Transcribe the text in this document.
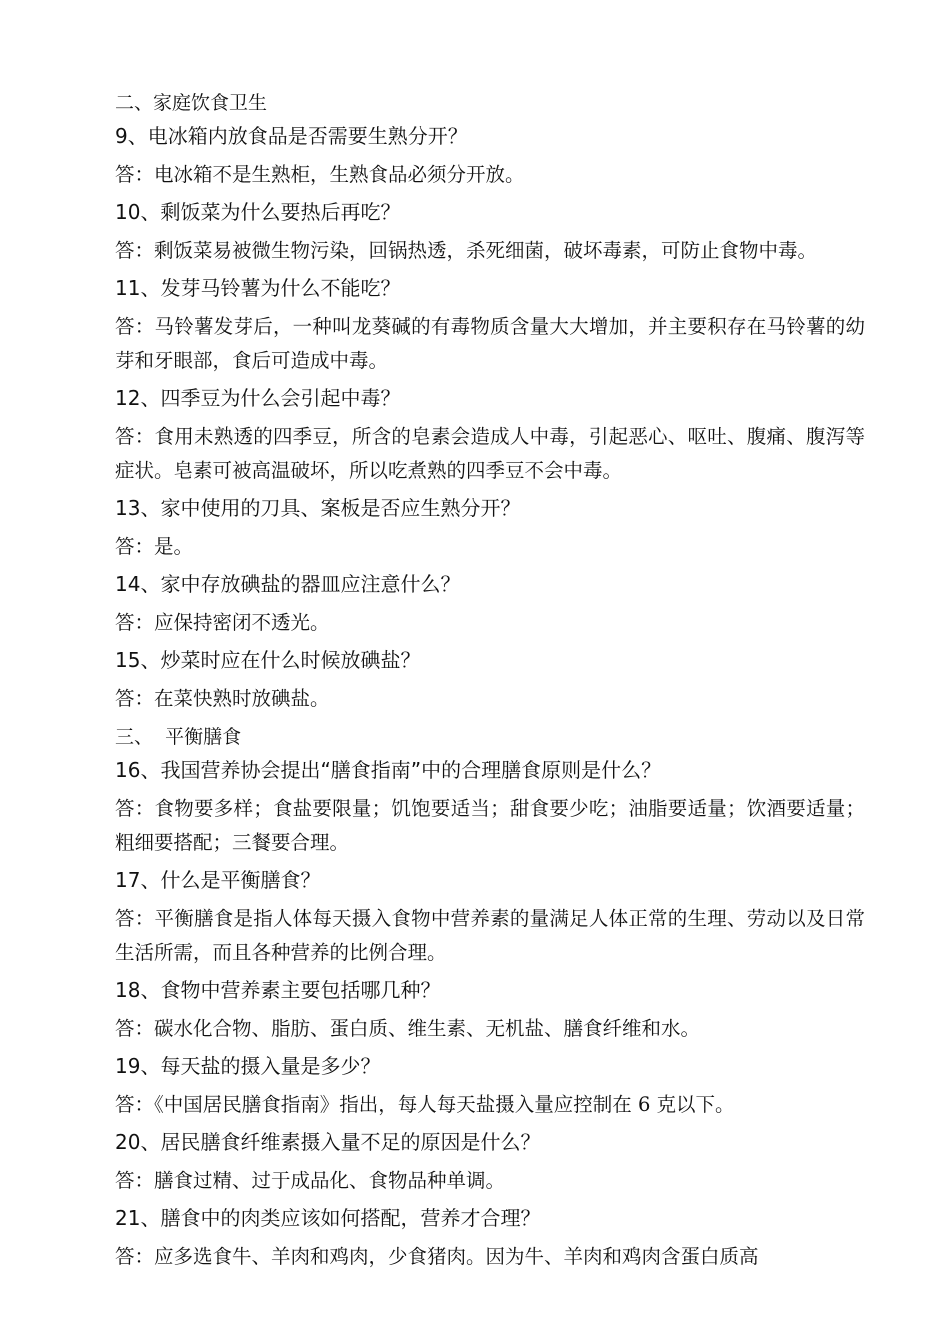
二、家庭饮食卫生
9、电冰箱内放食品是否需要生熟分开？
答：电冰箱不是生熟柜，生熟食品必须分开放。
10、剩饭菜为什么要热后再吃？
答：剩饭菜易被微生物污染，回锅热透，杀死细菌，破坏毒素，可防止食物中毒。
11、发芽马铃薯为什么不能吃？
答：马铃薯发芽后，一种叫龙葵碱的有毒物质含量大大增加，并主要积存在马铃薯的幼芽和牙眼部，食后可造成中毒。
12、四季豆为什么会引起中毒？
答：食用未熟透的四季豆，所含的皂素会造成人中毒，引起恶心、呕吐、腹痛、腹泻等症状。皂素可被高温破坏，所以吃煮熟的四季豆不会中毒。
13、家中使用的刀具、案板是否应生熟分开？
答：是。
14、家中存放碘盐的器皿应注意什么？
答：应保持密闭不透光。
15、炒菜时应在什么时候放碘盐？
答：在菜快熟时放碘盐。
三、  平衡膳食
16、我国营养协会提出“膳食指南”中的合理膳食原则是什么？
答：食物要多样；食盐要限量；饥饱要适当；甜食要少吃；油脂要适量；饮酒要适量；粗细要搭配；三餐要合理。
17、什么是平衡膳食？
答：平衡膳食是指人体每天摄入食物中营养素的量满足人体正常的生理、劳动以及日常生活所需，而且各种营养的比例合理。
18、食物中营养素主要包括哪几种？
答：碳水化合物、脂肪、蛋白质、维生素、无机盐、膳食纤维和水。
19、每天盐的摄入量是多少？
答：《中国居民膳食指南》指出，每人每天盐摄入量应控制在 6 克以下。
20、居民膳食纤维素摄入量不足的原因是什么？
答：膳食过精、过于成品化、食物品种单调。
21、膳食中的肉类应该如何搭配，营养才合理？
答：应多选食牛、羊肉和鸡肉，少食猪肉。因为牛、羊肉和鸡肉含蛋白质高
